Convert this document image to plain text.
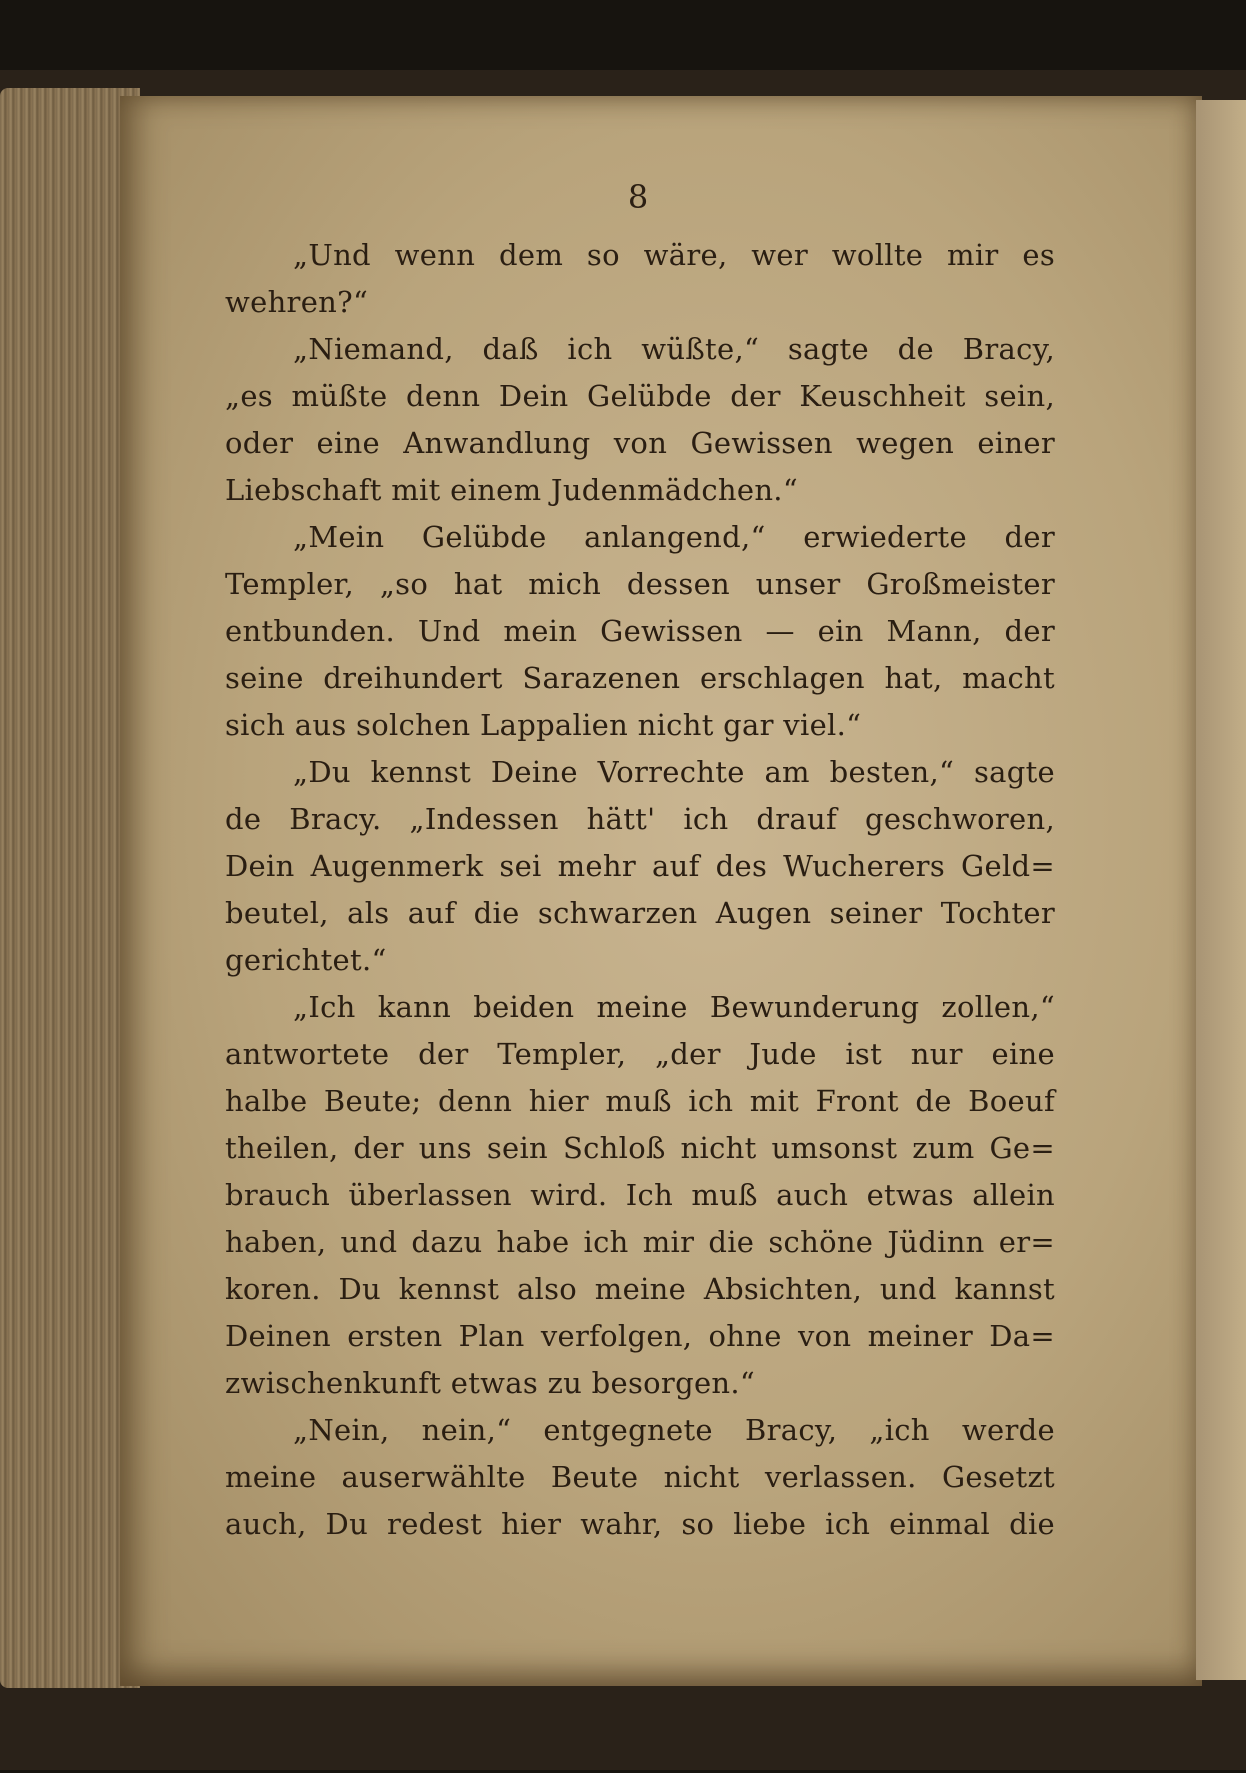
8
„Und wenn dem so wäre, wer wollte mir es
wehren?“
„Niemand, daß ich wüßte,“ sagte de Bracy,
„es müßte denn Dein Gelübde der Keuschheit sein,
oder eine Anwandlung von Gewissen wegen einer
Liebschaft mit einem Judenmädchen.“
„Mein Gelübde anlangend,“ erwiederte der
Templer, „so hat mich dessen unser Großmeister
entbunden. Und mein Gewissen — ein Mann, der
seine dreihundert Sarazenen erschlagen hat, macht
sich aus solchen Lappalien nicht gar viel.“
„Du kennst Deine Vorrechte am besten,“ sagte
de Bracy. „Indessen hätt' ich drauf geschworen,
Dein Augenmerk sei mehr auf des Wucherers Geld=
beutel, als auf die schwarzen Augen seiner Tochter
gerichtet.“
„Ich kann beiden meine Bewunderung zollen,“
antwortete der Templer, „der Jude ist nur eine
halbe Beute; denn hier muß ich mit Front de Boeuf
theilen, der uns sein Schloß nicht umsonst zum Ge=
brauch überlassen wird. Ich muß auch etwas allein
haben, und dazu habe ich mir die schöne Jüdinn er=
koren. Du kennst also meine Absichten, und kannst
Deinen ersten Plan verfolgen, ohne von meiner Da=
zwischenkunft etwas zu besorgen.“
„Nein, nein,“ entgegnete Bracy, „ich werde
meine auserwählte Beute nicht verlassen. Gesetzt
auch, Du redest hier wahr, so liebe ich einmal die
